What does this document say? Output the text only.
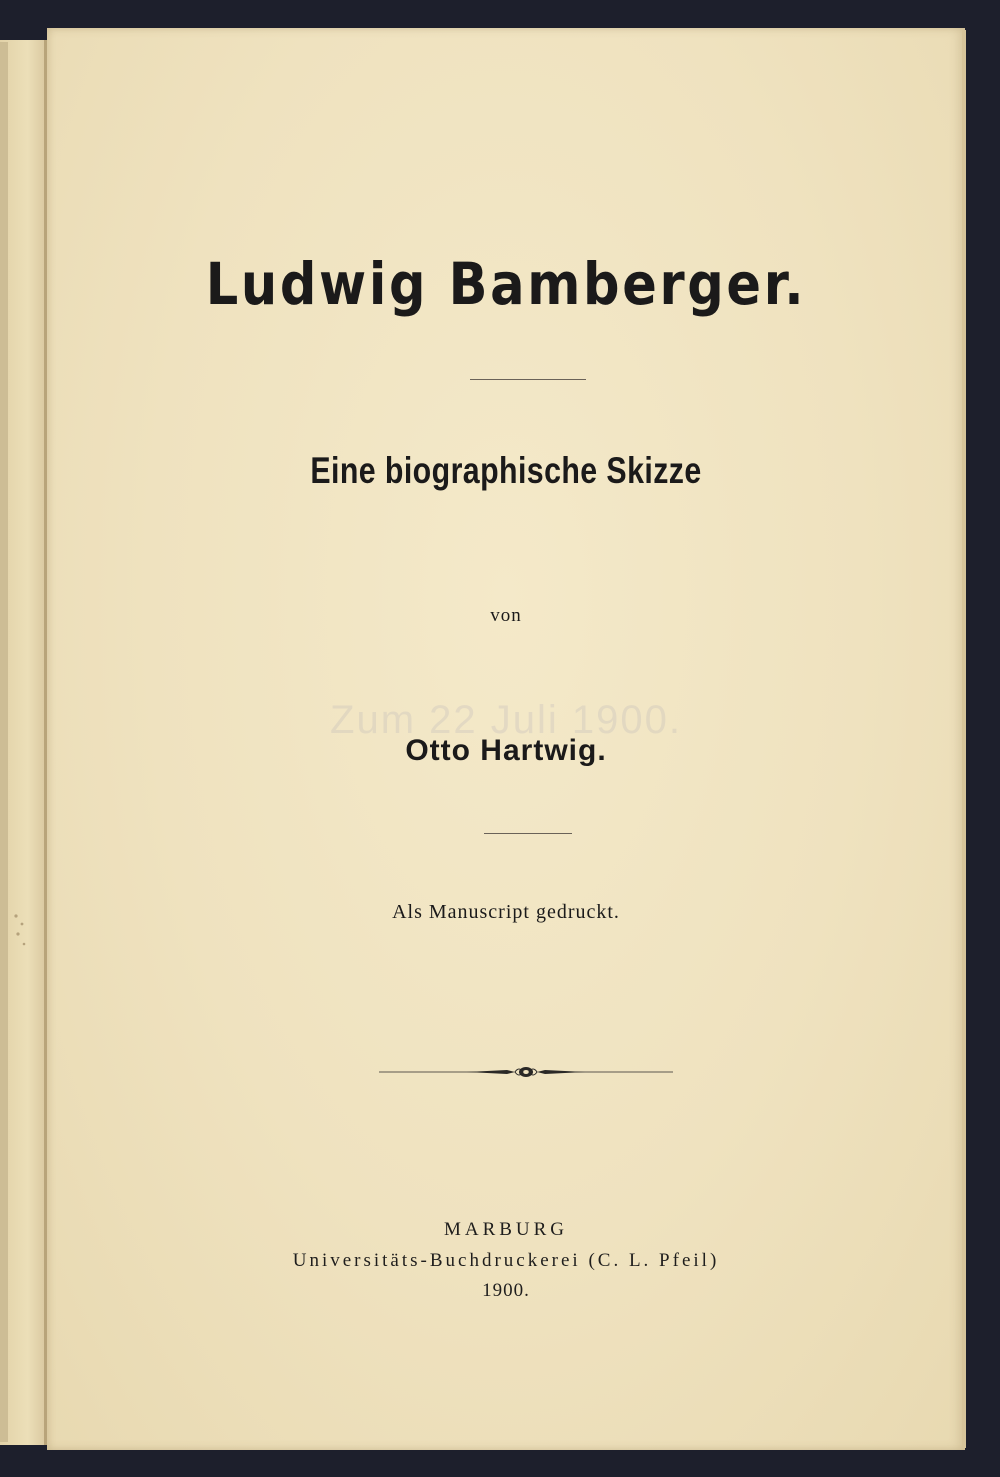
Zum 22 Juli 1900.
Ludwig Bamberger.
Eine biographische Skizze
von
Otto Hartwig.
Als Manuscript gedruckt.
MARBURG
Universitäts-Buchdruckerei (C. L. Pfeil)
1900.
